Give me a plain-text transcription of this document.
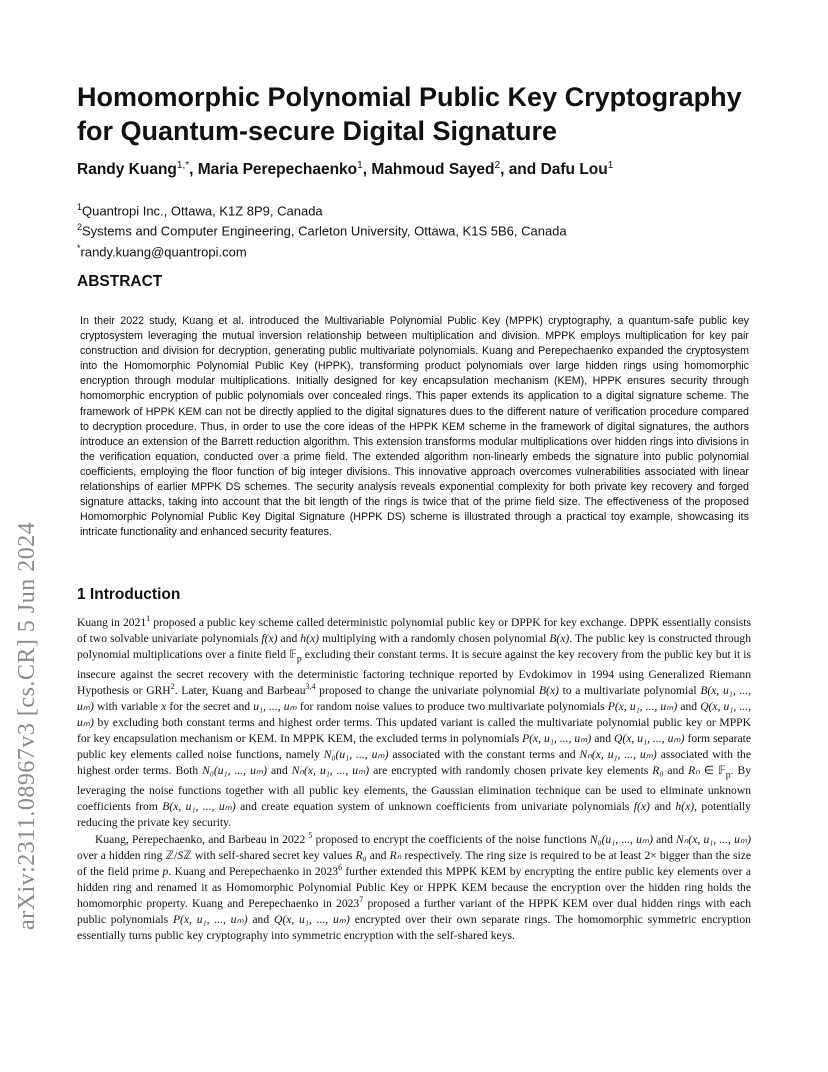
arXiv:2311.08967v3 [cs.CR] 5 Jun 2024
Homomorphic Polynomial Public Key Cryptography for Quantum-secure Digital Signature
Randy Kuang$^{1,*}$, Maria Perepechaenko$^1$, Mahmoud Sayed$^2$, and Dafu Lou$^1$
$^1$Quantropi Inc., Ottawa, K1Z 8P9, Canada
$^2$Systems and Computer Engineering, Carleton University, Ottawa, K1S 5B6, Canada
*randy.kuang@quantropi.com
ABSTRACT

In their 2022 study, Kuang et al. introduced the Multivariable Polynomial Public Key (MPPK) cryptography, a quantum-safe public key cryptosystem leveraging the mutual inversion relationship between multiplication and division. MPPK employs multiplication for key pair construction and division for decryption, generating public multivariate polynomials. Kuang and Perepechaenko expanded the cryptosystem into the Homomorphic Polynomial Public Key (HPPK), transforming product polynomials over large hidden rings using homomorphic encryption through modular multiplications. Initially designed for key encapsulation mechanism (KEM), HPPK ensures security through homomorphic encryption of public polynomials over concealed rings. This paper extends its application to a digital signature scheme. The framework of HPPK KEM can not be directly applied to the digital signatures dues to the different nature of verification procedure compared to decryption procedure. Thus, in order to use the core ideas of the HPPK KEM scheme in the framework of digital signatures, the authors introduce an extension of the Barrett reduction algorithm. This extension transforms modular multiplications over hidden rings into divisions in the verification equation, conducted over a prime field. The extended algorithm non-linearly embeds the signature into public polynomial coefficients, employing the floor function of big integer divisions. This innovative approach overcomes vulnerabilities associated with linear relationships of earlier MPPK DS schemes. The security analysis reveals exponential complexity for both private key recovery and forged signature attacks, taking into account that the bit length of the rings is twice that of the prime field size. The effectiveness of the proposed Homomorphic Polynomial Public Key Digital Signature (HPPK DS) scheme is illustrated through a practical toy example, showcasing its intricate functionality and enhanced security features.

1 Introduction

Kuang in 2021$^1$ proposed a public key scheme called deterministic polynomial public key or DPPK for key exchange. DPPK essentially consists of two solvable univariate polynomials f(x) and h(x) multiplying with a randomly chosen polynomial B(x). The public key is constructed through polynomial multiplications over a finite field 𝔽$_p$ excluding their constant terms. It is secure against the key recovery from the public key but it is insecure against the secret recovery with the deterministic factoring technique reported by Evdokimov in 1994 using Generalized Riemann Hypothesis or GRH$^2$. Later, Kuang and Barbeau$^{3,4}$ proposed to change the univariate polynomial B(x) to a multivariate polynomial B(x, u₁, ..., uₘ) with variable x for the secret and u₁, ..., uₘ for random noise values to produce two multivariate polynomials P(x, u₁, ..., uₘ) and Q(x, u₁, ..., uₘ) by excluding both constant terms and highest order terms. This updated variant is called the multivariate polynomial public key or MPPK for key encapsulation mechanism or KEM. In MPPK KEM, the excluded terms in polynomials P(x, u₁, ..., uₘ) and Q(x, u₁, ..., uₘ) form separate public key elements called noise functions, namely N₀(u₁, ..., uₘ) associated with the constant terms and Nₙ(x, u₁, ..., uₘ) associated with the highest order terms. Both N₀(u₁, ..., uₘ) and Nₙ(x, u₁, ..., uₘ) are encrypted with randomly chosen private key elements R₀ and Rₙ ∈ 𝔽$_p$. By leveraging the noise functions together with all public key elements, the Gaussian elimination technique can be used to eliminate unknown coefficients from B(x, u₁, ..., uₘ) and create equation system of unknown coefficients from univariate polynomials f(x) and h(x), potentially reducing the private key security.

Kuang, Perepechaenko, and Barbeau in 2022 $^5$ proposed to encrypt the coefficients of the noise functions N₀(u₁, ..., uₘ) and Nₙ(x, u₁, ..., uₘ) over a hidden ring ℤ/Sℤ with self-shared secret key values R₀ and Rₙ respectively. The ring size is required to be at least 2× bigger than the size of the field prime p. Kuang and Perepechaenko in 2023$^6$ further extended this MPPK KEM by encrypting the entire public key elements over a hidden ring and renamed it as Homomorphic Polynomial Public Key or HPPK KEM because the encryption over the hidden ring holds the homomorphic property. Kuang and Perepechaenko in 2023$^7$ proposed a further variant of the HPPK KEM over dual hidden rings with each public polynomials P(x, u₁, ..., uₘ) and Q(x, u₁, ..., uₘ) encrypted over their own separate rings. The homomorphic symmetric encryption essentially turns public key cryptography into symmetric encryption with the self-shared keys.
